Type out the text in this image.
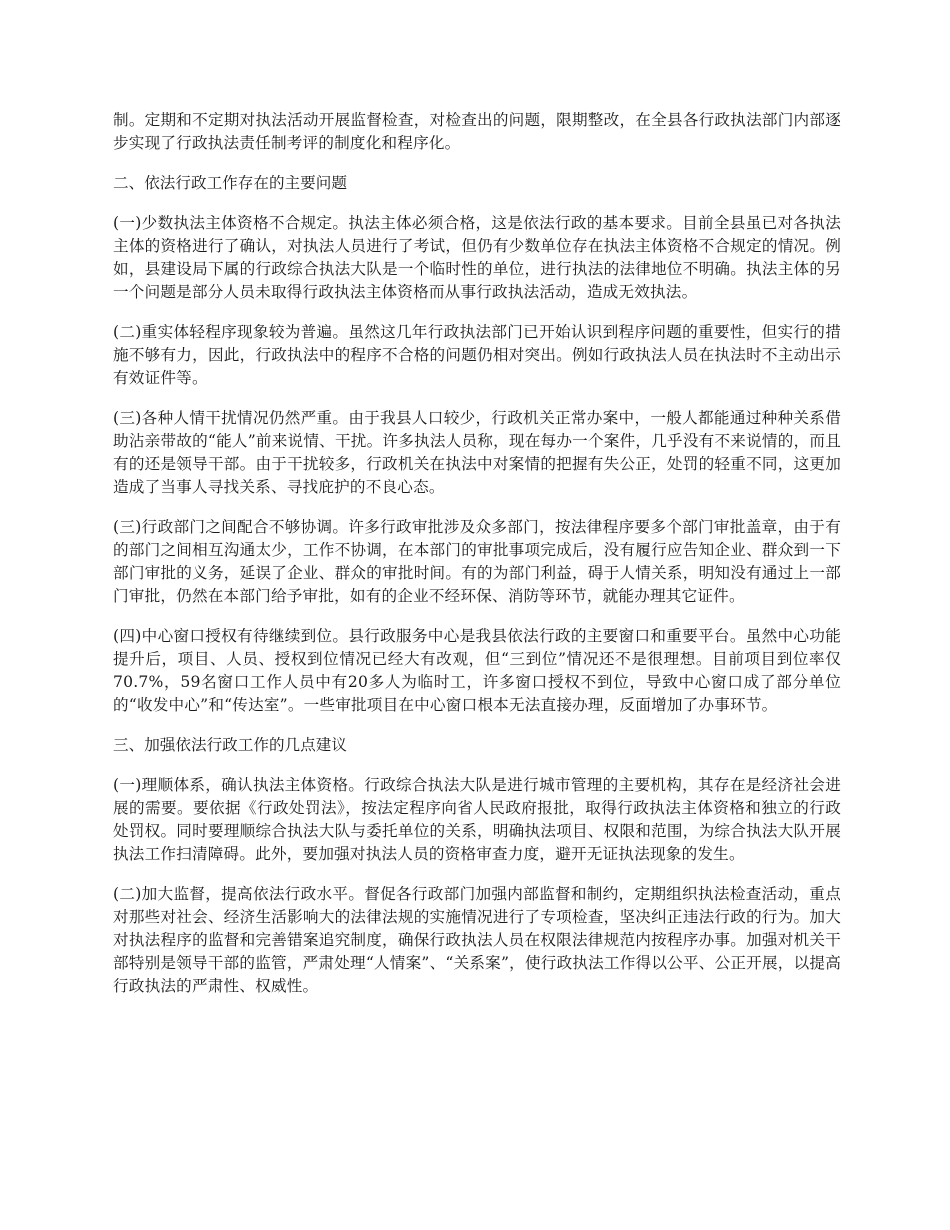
制。定期和不定期对执法活动开展监督检查，对检查出的问题，限期整改，在全县各行政执法部门内部逐步实现了行政执法责任制考评的制度化和程序化。

二、依法行政工作存在的主要问题

(一)少数执法主体资格不合规定。执法主体必须合格，这是依法行政的基本要求。目前全县虽已对各执法主体的资格进行了确认，对执法人员进行了考试，但仍有少数单位存在执法主体资格不合规定的情况。例如，县建设局下属的行政综合执法大队是一个临时性的单位，进行执法的法律地位不明确。执法主体的另一个问题是部分人员未取得行政执法主体资格而从事行政执法活动，造成无效执法。

(二)重实体轻程序现象较为普遍。虽然这几年行政执法部门已开始认识到程序问题的重要性，但实行的措施不够有力，因此，行政执法中的程序不合格的问题仍相对突出。例如行政执法人员在执法时不主动出示有效证件等。

(三)各种人情干扰情况仍然严重。由于我县人口较少，行政机关正常办案中，一般人都能通过种种关系借助沾亲带故的“能人”前来说情、干扰。许多执法人员称，现在每办一个案件，几乎没有不来说情的，而且有的还是领导干部。由于干扰较多，行政机关在执法中对案情的把握有失公正，处罚的轻重不同，这更加造成了当事人寻找关系、寻找庇护的不良心态。

(三)行政部门之间配合不够协调。许多行政审批涉及众多部门，按法律程序要多个部门审批盖章，由于有的部门之间相互沟通太少，工作不协调，在本部门的审批事项完成后，没有履行应告知企业、群众到一下部门审批的义务，延误了企业、群众的审批时间。有的为部门利益，碍于人情关系，明知没有通过上一部门审批，仍然在本部门给予审批，如有的企业不经环保、消防等环节，就能办理其它证件。

(四)中心窗口授权有待继续到位。县行政服务中心是我县依法行政的主要窗口和重要平台。虽然中心功能提升后，项目、人员、授权到位情况已经大有改观，但“三到位”情况还不是很理想。目前项目到位率仅70.7%，59名窗口工作人员中有20多人为临时工，许多窗口授权不到位，导致中心窗口成了部分单位的“收发中心”和“传达室”。一些审批项目在中心窗口根本无法直接办理，反面增加了办事环节。

三、加强依法行政工作的几点建议

(一)理顺体系，确认执法主体资格。行政综合执法大队是进行城市管理的主要机构，其存在是经济社会进展的需要。要依据《行政处罚法》，按法定程序向省人民政府报批，取得行政执法主体资格和独立的行政处罚权。同时要理顺综合执法大队与委托单位的关系，明确执法项目、权限和范围，为综合执法大队开展执法工作扫清障碍。此外，要加强对执法人员的资格审查力度，避开无证执法现象的发生。

(二)加大监督，提高依法行政水平。督促各行政部门加强内部监督和制约，定期组织执法检查活动，重点对那些对社会、经济生活影响大的法律法规的实施情况进行了专项检查，坚决纠正违法行政的行为。加大对执法程序的监督和完善错案追究制度，确保行政执法人员在权限法律规范内按程序办事。加强对机关干部特别是领导干部的监管，严肃处理“人情案”、“关系案”，使行政执法工作得以公平、公正开展，以提高行政执法的严肃性、权威性。
